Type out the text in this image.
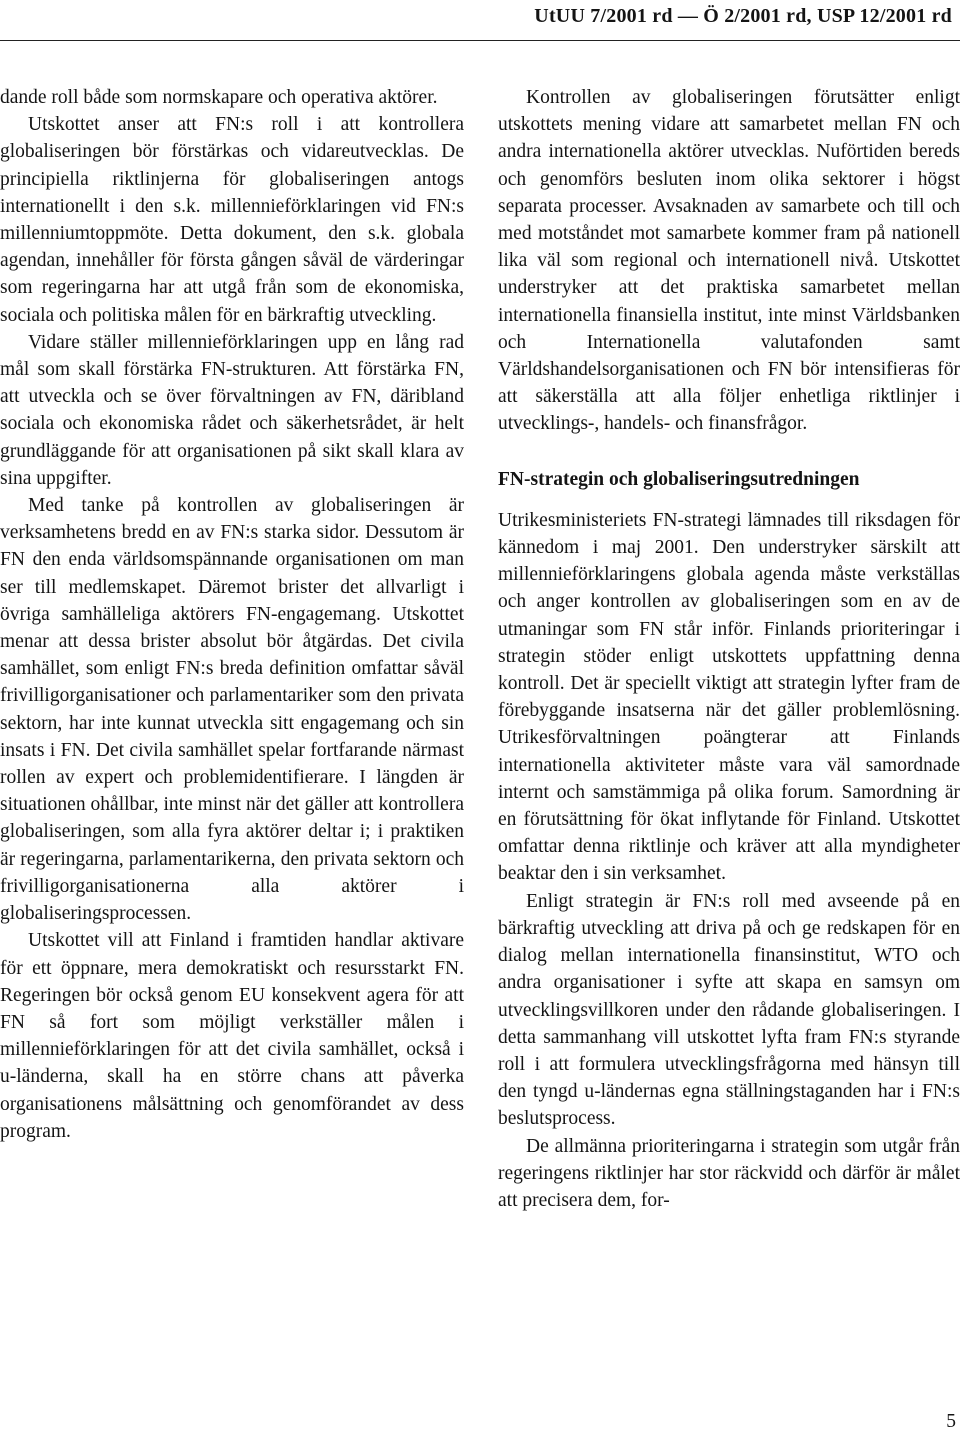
UtUU 7/2001 rd — Ö 2/2001 rd, USP 12/2001 rd

dande roll både som normskapare och operativa aktörer.

Utskottet anser att FN:s roll i att kontrollera globaliseringen bör förstärkas och vidareutvecklas. De principiella riktlinjerna för globaliseringen antogs internationellt i den s.k. millennieförklaringen vid FN:s millenniumtoppmöte. Detta dokument, den s.k. globala agendan, innehåller för första gången såväl de värderingar som regeringarna har att utgå från som de ekonomiska, sociala och politiska målen för en bärkraftig utveckling.

Vidare ställer millennieförklaringen upp en lång rad mål som skall förstärka FN-strukturen. Att förstärka FN, att utveckla och se över förvaltningen av FN, däribland sociala och ekonomiska rådet och säkerhetsrådet, är helt grundläggande för att organisationen på sikt skall klara av sina uppgifter.

Med tanke på kontrollen av globaliseringen är verksamhetens bredd en av FN:s starka sidor. Dessutom är FN den enda världsomspännande organisationen om man ser till medlemskapet. Däremot brister det allvarligt i övriga samhälleliga aktörers FN-engagemang. Utskottet menar att dessa brister absolut bör åtgärdas. Det civila samhället, som enligt FN:s breda definition omfattar såväl frivilligorganisationer och parlamentariker som den privata sektorn, har inte kunnat utveckla sitt engagemang och sin insats i FN. Det civila samhället spelar fortfarande närmast rollen av expert och problemidentifierare. I längden är situationen ohållbar, inte minst när det gäller att kontrollera globaliseringen, som alla fyra aktörer deltar i; i praktiken är regeringarna, parlamentarikerna, den privata sektorn och frivilligorganisationerna alla aktörer i globaliseringsprocessen.

Utskottet vill att Finland i framtiden handlar aktivare för ett öppnare, mera demokratiskt och resursstarkt FN. Regeringen bör också genom EU konsekvent agera för att FN så fort som möjligt verkställer målen i millennieförklaringen för att det civila samhället, också i u-länderna, skall ha en större chans att påverka organisationens målsättning och genomförandet av dess program.

Kontrollen av globaliseringen förutsätter enligt utskottets mening vidare att samarbetet mellan FN och andra internationella aktörer utvecklas. Nuförtiden bereds och genomförs besluten inom olika sektorer i högst separata processer. Avsaknaden av samarbete och till och med motståndet mot samarbete kommer fram på nationell lika väl som regional och internationell nivå. Utskottet understryker att det praktiska samarbetet mellan internationella finansiella institut, inte minst Världsbanken och Internationella valutafonden samt Världshandelsorganisationen och FN bör intensifieras för att säkerställa att alla följer enhetliga riktlinjer i utvecklings-, handels- och finansfrågor.

FN-strategin och globaliseringsutredningen

Utrikesministeriets FN-strategi lämnades till riksdagen för kännedom i maj 2001. Den understryker särskilt att millennieförklaringens globala agenda måste verkställas och anger kontrollen av globaliseringen som en av de utmaningar som FN står inför. Finlands prioriteringar i strategin stöder enligt utskottets uppfattning denna kontroll. Det är speciellt viktigt att strategin lyfter fram de förebyggande insatserna när det gäller problemlösning. Utrikesförvaltningen poängterar att Finlands internationella aktiviteter måste vara väl samordnade internt och samstämmiga på olika forum. Samordning är en förutsättning för ökat inflytande för Finland. Utskottet omfattar denna riktlinje och kräver att alla myndigheter beaktar den i sin verksamhet.

Enligt strategin är FN:s roll med avseende på en bärkraftig utveckling att driva på och ge redskapen för en dialog mellan internationella finansinstitut, WTO och andra organisationer i syfte att skapa en samsyn om utvecklingsvillkoren under den rådande globaliseringen. I detta sammanhang vill utskottet lyfta fram FN:s styrande roll i att formulera utvecklingsfrågorna med hänsyn till den tyngd u-ländernas egna ställningstaganden har i FN:s beslutsprocess.

De allmänna prioriteringarna i strategin som utgår från regeringens riktlinjer har stor räckvidd och därför är målet att precisera dem, for-

5
